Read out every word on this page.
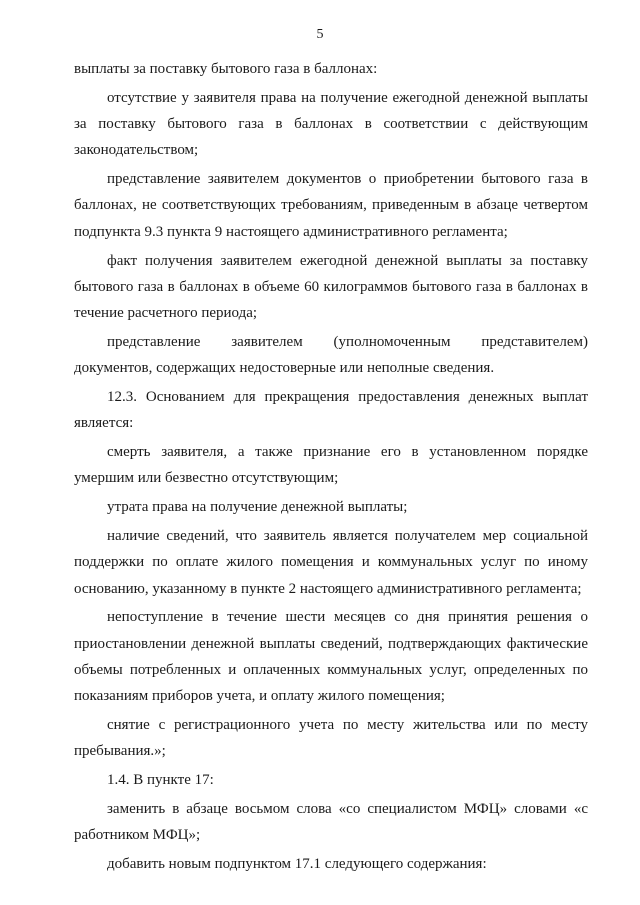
5

выплаты за поставку бытового газа в баллонах:

отсутствие у заявителя права на получение ежегодной денежной выплаты за поставку бытового газа в баллонах в соответствии с действующим законодательством;

представление заявителем документов о приобретении бытового газа в баллонах, не соответствующих требованиям, приведенным в абзаце четвертом подпункта 9.3 пункта 9 настоящего административного регламента;

факт получения заявителем ежегодной денежной выплаты за поставку бытового газа в баллонах в объеме 60 килограммов бытового газа в баллонах в течение расчетного периода;

представление заявителем (уполномоченным представителем) документов, содержащих недостоверные или неполные сведения.

12.3. Основанием для прекращения предоставления денежных выплат является:

смерть заявителя, а также признание его в установленном порядке умершим или безвестно отсутствующим;

утрата права на получение денежной выплаты;

наличие сведений, что заявитель является получателем мер социальной поддержки по оплате жилого помещения и коммунальных услуг по иному основанию, указанному в пункте 2 настоящего административного регламента;

непоступление в течение шести месяцев со дня принятия решения о приостановлении денежной выплаты сведений, подтверждающих фактические объемы потребленных и оплаченных коммунальных услуг, определенных по показаниям приборов учета, и оплату жилого помещения;

снятие с регистрационного учета по месту жительства или по месту пребывания.»;

1.4. В пункте 17:

заменить в абзаце восьмом слова «со специалистом МФЦ» словами «с работником МФЦ»;

добавить новым подпунктом 17.1 следующего содержания:
